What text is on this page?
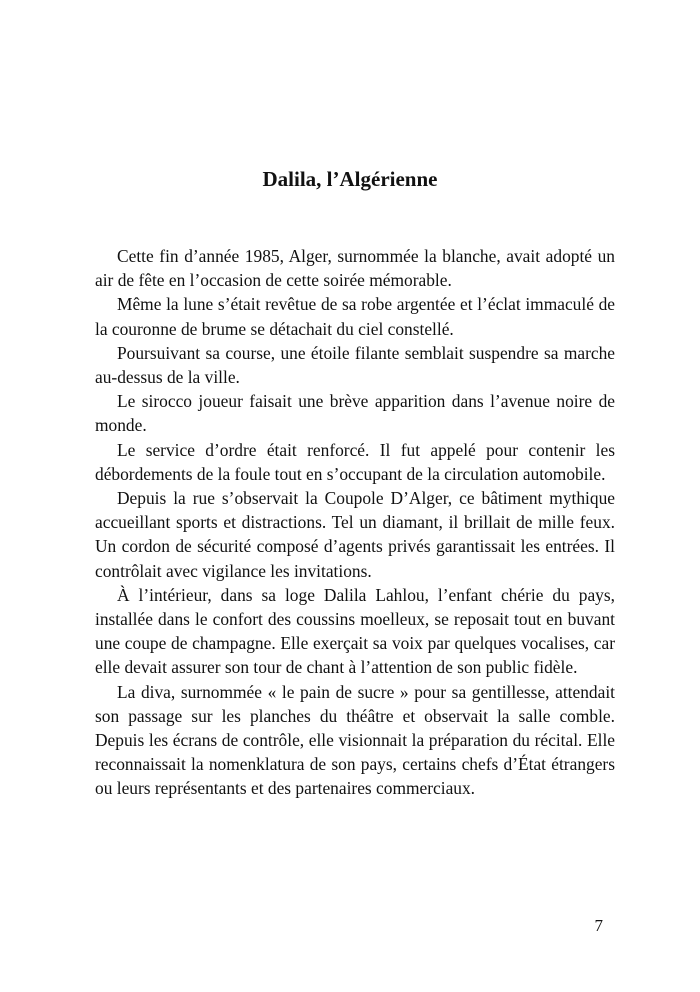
Dalila, l’Algérienne

Cette fin d’année 1985, Alger, surnommée la blanche, avait adopté un air de fête en l’occasion de cette soirée mémorable.

Même la lune s’était revêtue de sa robe argentée et l’éclat immaculé de la couronne de brume se détachait du ciel constellé.

Poursuivant sa course, une étoile filante semblait suspendre sa marche au-dessus de la ville.

Le sirocco joueur faisait une brève apparition dans l’avenue noire de monde.

Le service d’ordre était renforcé. Il fut appelé pour contenir les débordements de la foule tout en s’occupant de la circulation automobile.

Depuis la rue s’observait la Coupole D’Alger, ce bâtiment mythique accueillant sports et distractions. Tel un diamant, il brillait de mille feux. Un cordon de sécurité composé d’agents privés garantissait les entrées. Il contrôlait avec vigilance les invitations.

À l’intérieur, dans sa loge Dalila Lahlou, l’enfant chérie du pays, installée dans le confort des coussins moelleux, se reposait tout en buvant une coupe de champagne. Elle exerçait sa voix par quelques vocalises, car elle devait assurer son tour de chant à l’attention de son public fidèle.

La diva, surnommée « le pain de sucre » pour sa gentillesse, attendait son passage sur les planches du théâtre et observait la salle comble. Depuis les écrans de contrôle, elle visionnait la préparation du récital. Elle reconnaissait la nomenklatura de son pays, certains chefs d’État étrangers ou leurs représentants et des partenaires commerciaux.

7
